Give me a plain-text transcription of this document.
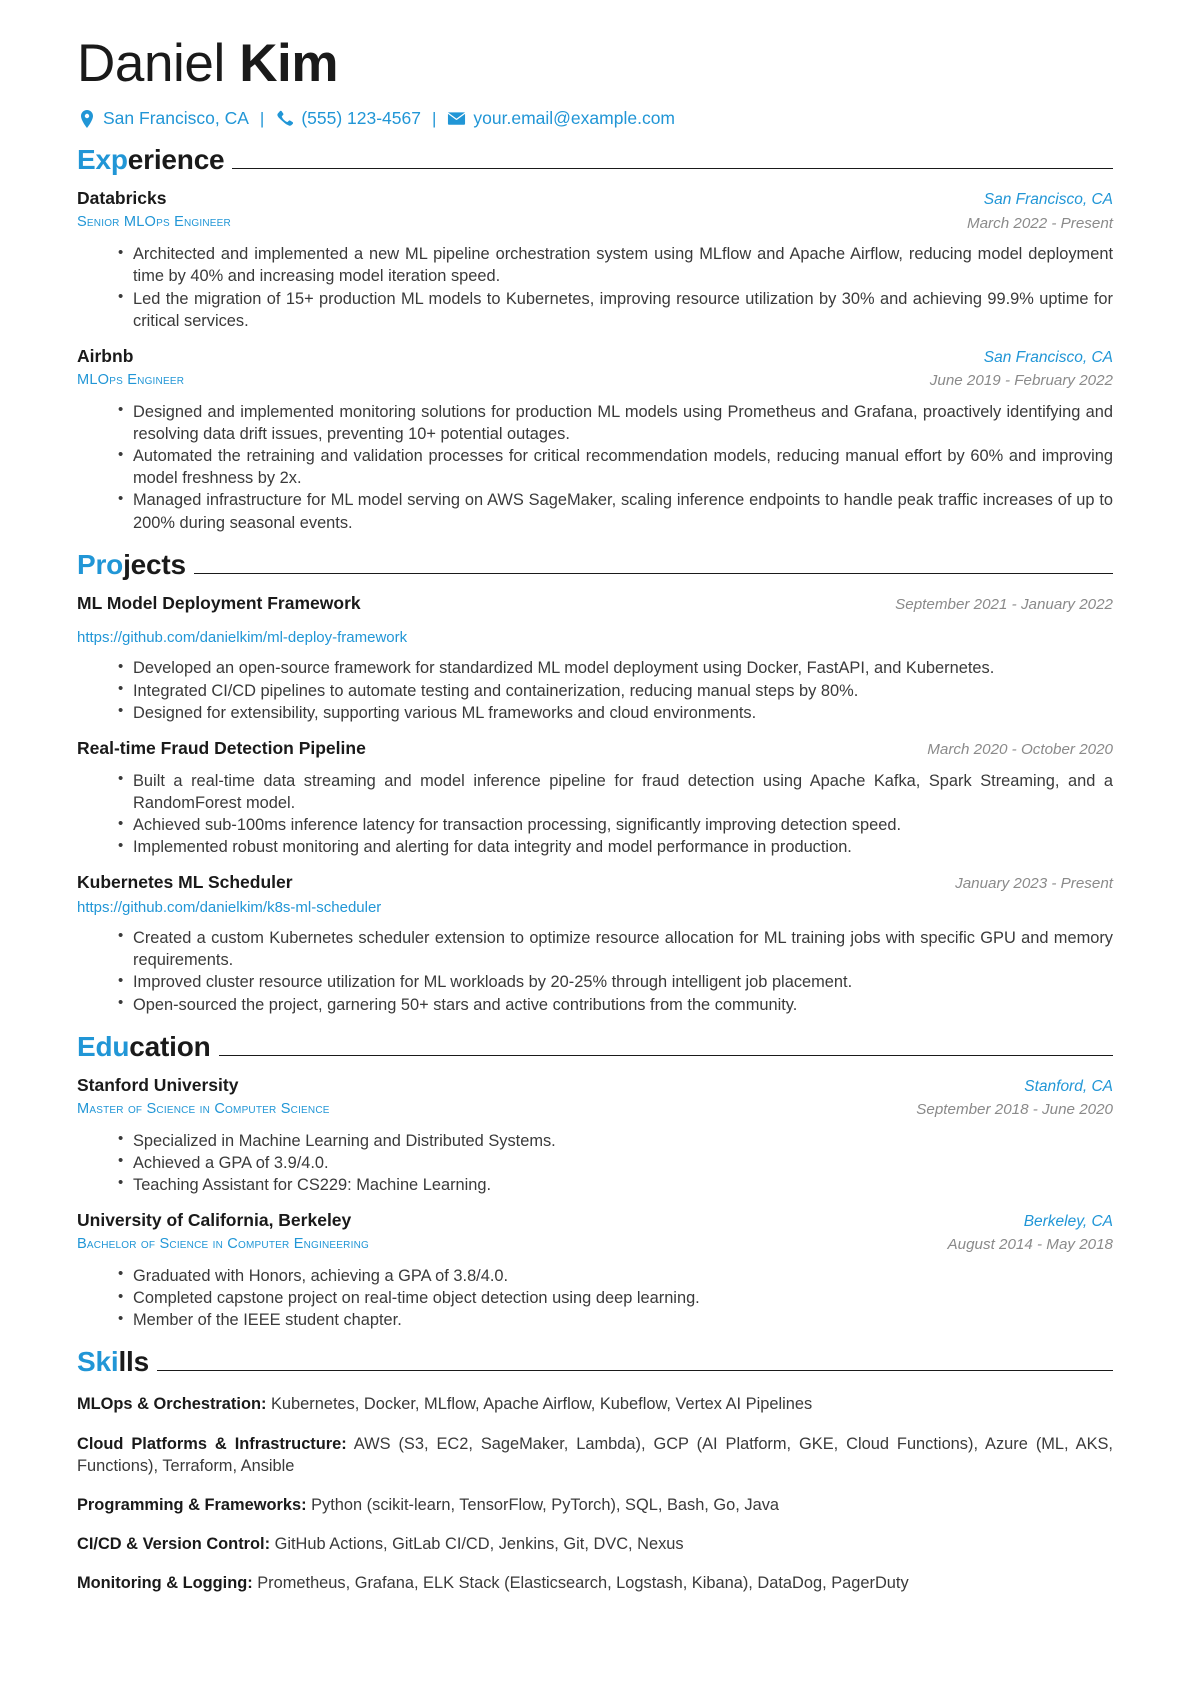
Daniel Kim
San Francisco, CA | (555) 123-4567 | your.email@example.com
Experience
Databricks
Senior MLOps Engineer
San Francisco, CA
March 2022 - Present
• Architected and implemented a new ML pipeline orchestration system using MLflow and Apache Airflow, reducing model deployment time by 40% and increasing model iteration speed.
• Led the migration of 15+ production ML models to Kubernetes, improving resource utilization by 30% and achieving 99.9% uptime for critical services.
Airbnb
MLOps Engineer
San Francisco, CA
June 2019 - February 2022
• Designed and implemented monitoring solutions for production ML models using Prometheus and Grafana, proactively identifying and resolving data drift issues, preventing 10+ potential outages.
• Automated the retraining and validation processes for critical recommendation models, reducing manual effort by 60% and improving model freshness by 2x.
• Managed infrastructure for ML model serving on AWS SageMaker, scaling inference endpoints to handle peak traffic increases of up to 200% during seasonal events.
Projects
ML Model Deployment Framework	September 2021 - January 2022
https://github.com/danielkim/ml-deploy-framework
• Developed an open-source framework for standardized ML model deployment using Docker, FastAPI, and Kubernetes.
• Integrated CI/CD pipelines to automate testing and containerization, reducing manual steps by 80%.
• Designed for extensibility, supporting various ML frameworks and cloud environments.
Real-time Fraud Detection Pipeline	March 2020 - October 2020
• Built a real-time data streaming and model inference pipeline for fraud detection using Apache Kafka, Spark Streaming, and a RandomForest model.
• Achieved sub-100ms inference latency for transaction processing, significantly improving detection speed.
• Implemented robust monitoring and alerting for data integrity and model performance in production.
Kubernetes ML Scheduler	January 2023 - Present
https://github.com/danielkim/k8s-ml-scheduler
• Created a custom Kubernetes scheduler extension to optimize resource allocation for ML training jobs with specific GPU and memory requirements.
• Improved cluster resource utilization for ML workloads by 20-25% through intelligent job placement.
• Open-sourced the project, garnering 50+ stars and active contributions from the community.
Education
Stanford University
Master of Science in Computer Science
Stanford, CA
September 2018 - June 2020
• Specialized in Machine Learning and Distributed Systems.
• Achieved a GPA of 3.9/4.0.
• Teaching Assistant for CS229: Machine Learning.
University of California, Berkeley
Bachelor of Science in Computer Engineering
Berkeley, CA
August 2014 - May 2018
• Graduated with Honors, achieving a GPA of 3.8/4.0.
• Completed capstone project on real-time object detection using deep learning.
• Member of the IEEE student chapter.
Skills
MLOps & Orchestration: Kubernetes, Docker, MLflow, Apache Airflow, Kubeflow, Vertex AI Pipelines
Cloud Platforms & Infrastructure: AWS (S3, EC2, SageMaker, Lambda), GCP (AI Platform, GKE, Cloud Functions), Azure (ML, AKS, Functions), Terraform, Ansible
Programming & Frameworks: Python (scikit-learn, TensorFlow, PyTorch), SQL, Bash, Go, Java
CI/CD & Version Control: GitHub Actions, GitLab CI/CD, Jenkins, Git, DVC, Nexus
Monitoring & Logging: Prometheus, Grafana, ELK Stack (Elasticsearch, Logstash, Kibana), DataDog, PagerDuty
